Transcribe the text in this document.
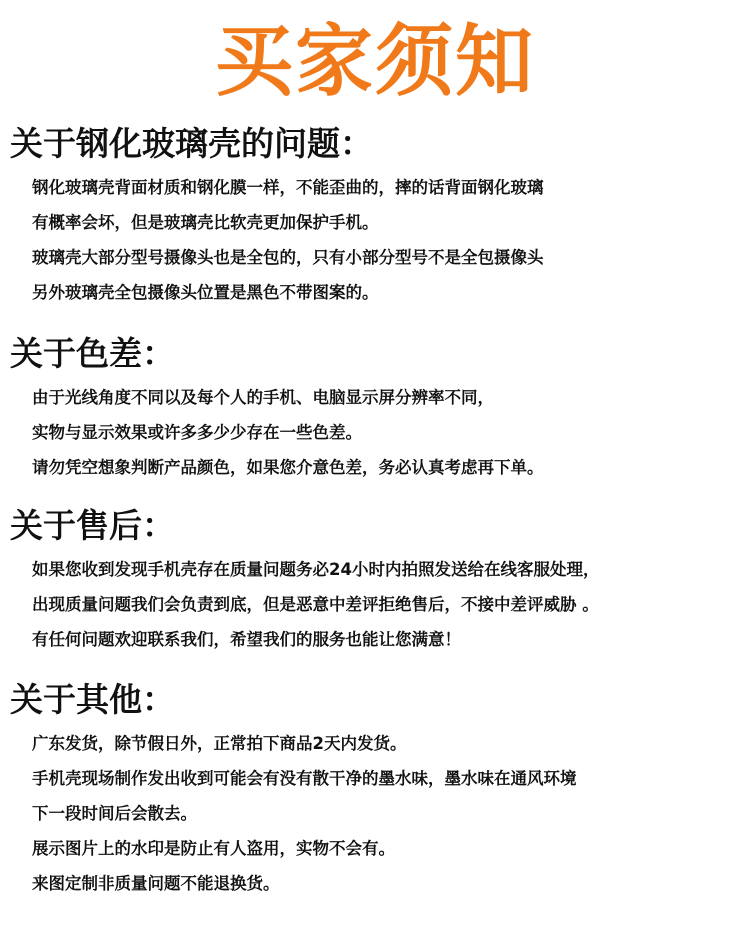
买家须知
关于钢化玻璃壳的问题：
钢化玻璃壳背面材质和钢化膜一样，不能歪曲的，摔的话背面钢化玻璃
有概率会坏，但是玻璃壳比软壳更加保护手机。
玻璃壳大部分型号摄像头也是全包的，只有小部分型号不是全包摄像头
另外玻璃壳全包摄像头位置是黑色不带图案的。
关于色差：
由于光线角度不同以及每个人的手机、电脑显示屏分辨率不同，
实物与显示效果或许多多少少存在一些色差。
请勿凭空想象判断产品颜色，如果您介意色差，务必认真考虑再下单。
关于售后：
如果您收到发现手机壳存在质量问题务必24小时内拍照发送给在线客服处理，
出现质量问题我们会负责到底，但是恶意中差评拒绝售后，不接中差评威胁 。
有任何问题欢迎联系我们，希望我们的服务也能让您满意！
关于其他：
广东发货，除节假日外，正常拍下商品2天内发货。
手机壳现场制作发出收到可能会有没有散干净的墨水味，墨水味在通风环境
下一段时间后会散去。
展示图片上的水印是防止有人盗用，实物不会有。
来图定制非质量问题不能退换货。
